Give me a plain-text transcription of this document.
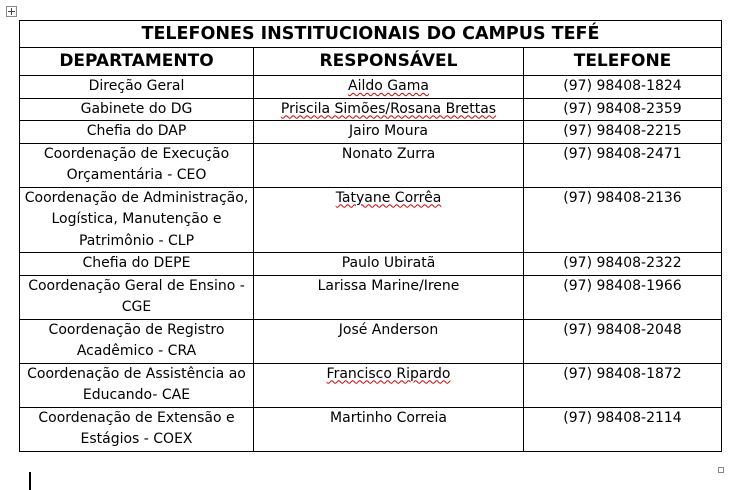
TELEFONES INSTITUCIONAIS DO CAMPUS TEFÉ		
DEPARTAMENTO	RESPONSÁVEL	TELEFONE
Direção Geral	Aildo Gama	(97) 98408-1824
Gabinete do DG	Priscila Simões/Rosana Brettas	(97) 98408-2359
Chefia do DAP	Jairo Moura	(97) 98408-2215
Coordenação de Execução Orçamentária - CEO	Nonato Zurra	(97) 98408-2471
Coordenação de Administração, Logística, Manutenção e Patrimônio - CLP	Tatyane Corrêa	(97) 98408-2136
Chefia do DEPE	Paulo Ubiratã	(97) 98408-2322
Coordenação Geral de Ensino - CGE	Larissa Marine/Irene	(97) 98408-1966
Coordenação de Registro Acadêmico - CRA	José Anderson	(97) 98408-2048
Coordenação de Assistência ao Educando- CAE	Francisco Ripardo	(97) 98408-1872
Coordenação de Extensão e Estágios - COEX	Martinho Correia	(97) 98408-2114
